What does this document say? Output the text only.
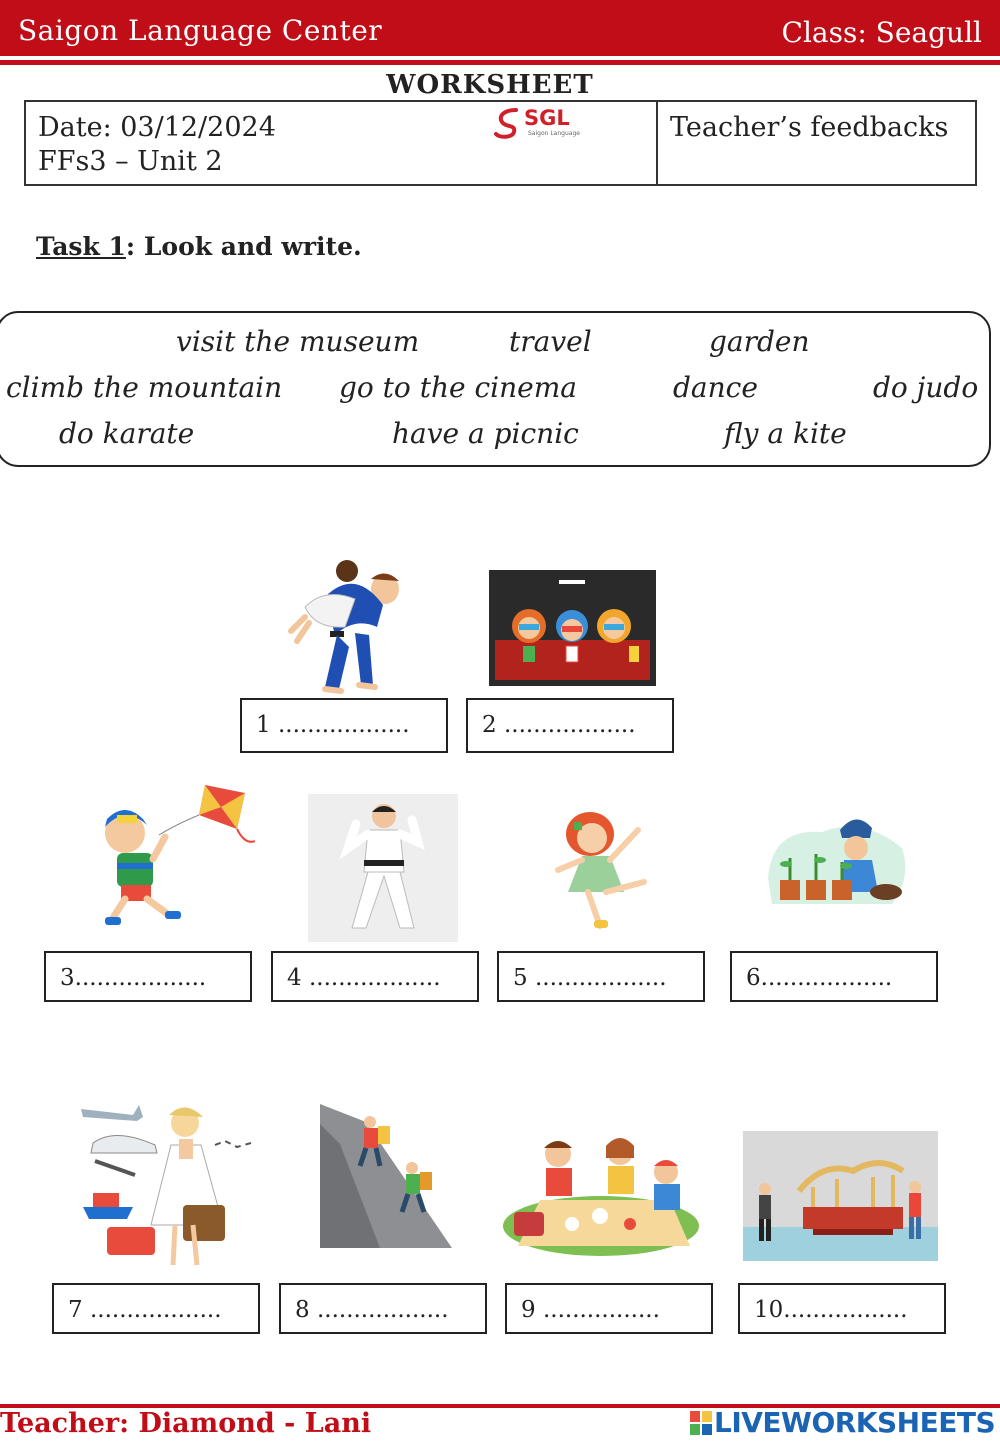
Saigon Language Center	Class: Seagull
WORKSHEET
Date: 03/12/2024
FFs3 – Unit 2
SGL
Saigon Language	Teacher’s feedbacks
Task 1: Look and write.
visit the museum	travel	garden
climb the mountain go to the cinema	dance	do judo
do karate	have a picnic	fly a kite
1 ..................	2 ..................
3..................	4 ..................	5 ..................	6..................
7 ..................	8 ..................	9 ................	10.................
Teacher: Diamond - Lani	LIVEWORKSHEETS
